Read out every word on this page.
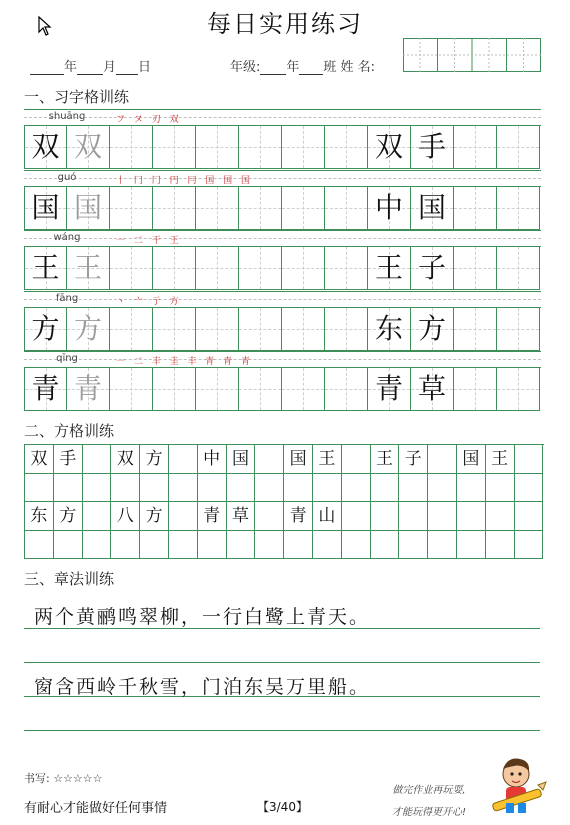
每日实用练习
年 月 日	年级: 年 班 姓 名:
一、习字格训练
shuāng	フ ヌ 刃 双
双 双	双 手
guó	丨 冂 冂 円 冃 国 国 国
国 国	中 国
wáng	一 二 干 王
王 王	王 子
fāng	丶 亠 亍 方
方 方	东 方
qīng	一 二 丰 圭 丰 青 青 青
青 青	青 草
二、方格训练
双 手	双 方	中 国	国 王	王 子	国 王
东 方	八 方	青 草	青 山
三、章法训练
两个黄鹂鸣翠柳，一行白鹭上青天。
窗含西岭千秋雪，门泊东吴万里船。
书写: ☆☆☆☆☆
有耐心才能做好任何事情	【3/40】
做完作业再玩耍,
才能玩得更开心!
